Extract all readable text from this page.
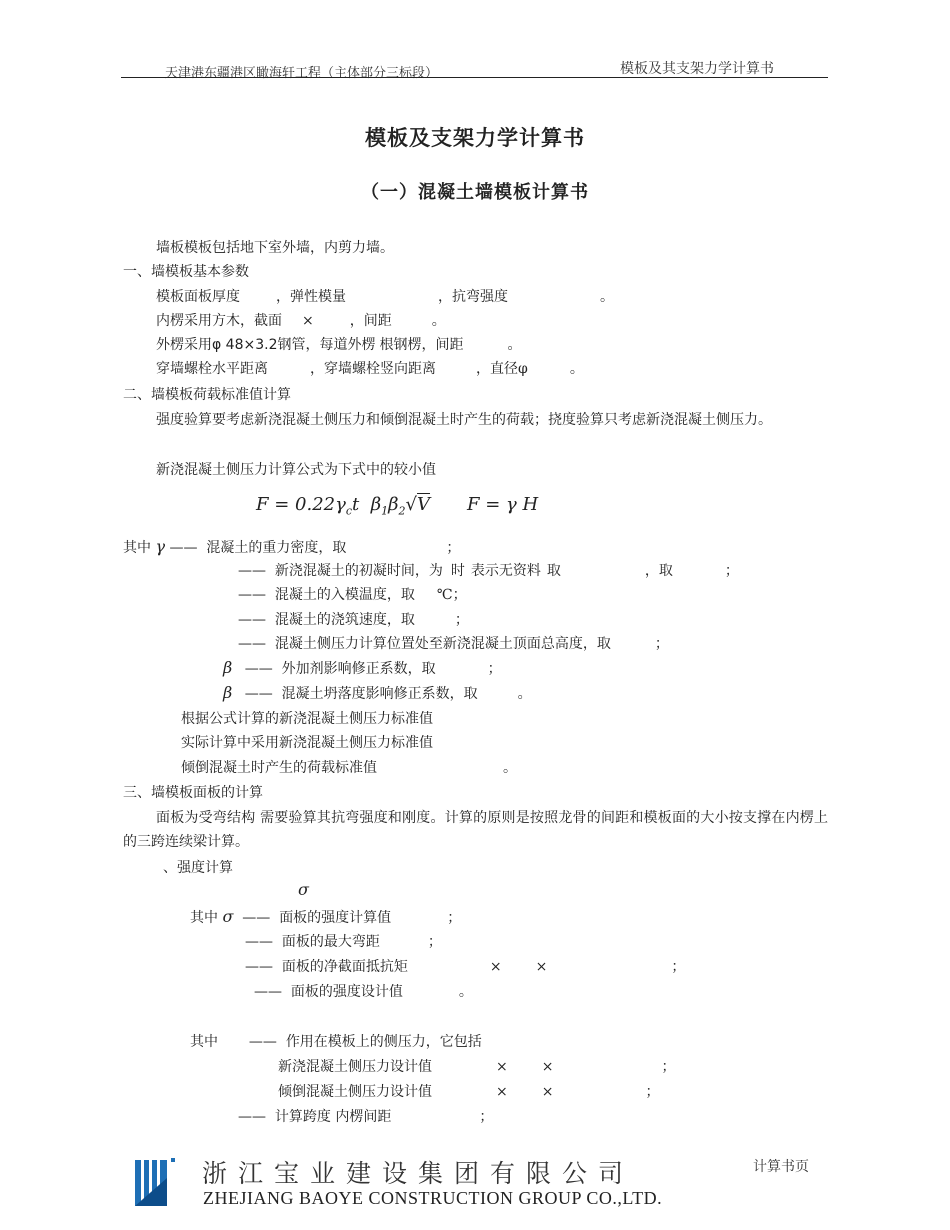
天津港东疆港区瞰海轩工程（主体部分三标段）	模板及其支架力学计算书
模板及支架力学计算书
（一）混凝土墙模板计算书
墙板模板包括地下室外墙，内剪力墙。
一、墙模板基本参数
模板面板厚度	，弹性模量	，抗弯强度	。
内楞采用方木，截面 ×	，间距	。
外楞采用φ 48×3.2钢管，每道外楞 根钢楞，间距	。
穿墙螺栓水平距离	，穿墙螺栓竖向距离	，直径φ	。
二、墙模板荷载标准值计算
强度验算要考虑新浇混凝土侧压力和倾倒混凝土时产生的荷载；挠度验算只考虑新浇混凝土侧压力。
新浇混凝土侧压力计算公式为下式中的较小值
$F = 0.22\gamma_ct$  $\beta_1\beta_2√V$ F = γ H
其中 γ —— 混凝土的重力密度，取	；
—— 新浇混凝土的初凝时间，为 时 表示无资料 取	，取	；
—— 混凝土的入模温度，取 ℃；
—— 混凝土的浇筑速度，取	；
—— 混凝土侧压力计算位置处至新浇混凝土顶面总高度，取	；
β —— 外加剂影响修正系数，取	；
β —— 混凝土坍落度影响修正系数，取	。
根据公式计算的新浇混凝土侧压力标准值
实际计算中采用新浇混凝土侧压力标准值
倾倒混凝土时产生的荷载标准值	。
三、墙模板面板的计算
面板为受弯结构 需要验算其抗弯强度和刚度。计算的原则是按照龙骨的间距和模板面的大小按支撑在内楞上的三跨连续梁计算。
、强度计算
σ
其中 σ —— 面板的强度计算值	；
—— 面板的最大弯距	；
—— 面板的净截面抵抗矩	× ×	；
—— 面板的强度设计值	。
其中 —— 作用在模板上的侧压力，它包括
新浇混凝土侧压力设计值	× ×	；
倾倒混凝土侧压力设计值	× ×	；
—— 计算跨度 内楞间距	；
浙江宝业建设集团有限公司
ZHEJIANG BAOYE CONSTRUCTION GROUP CO.,LTD.
计算书页
